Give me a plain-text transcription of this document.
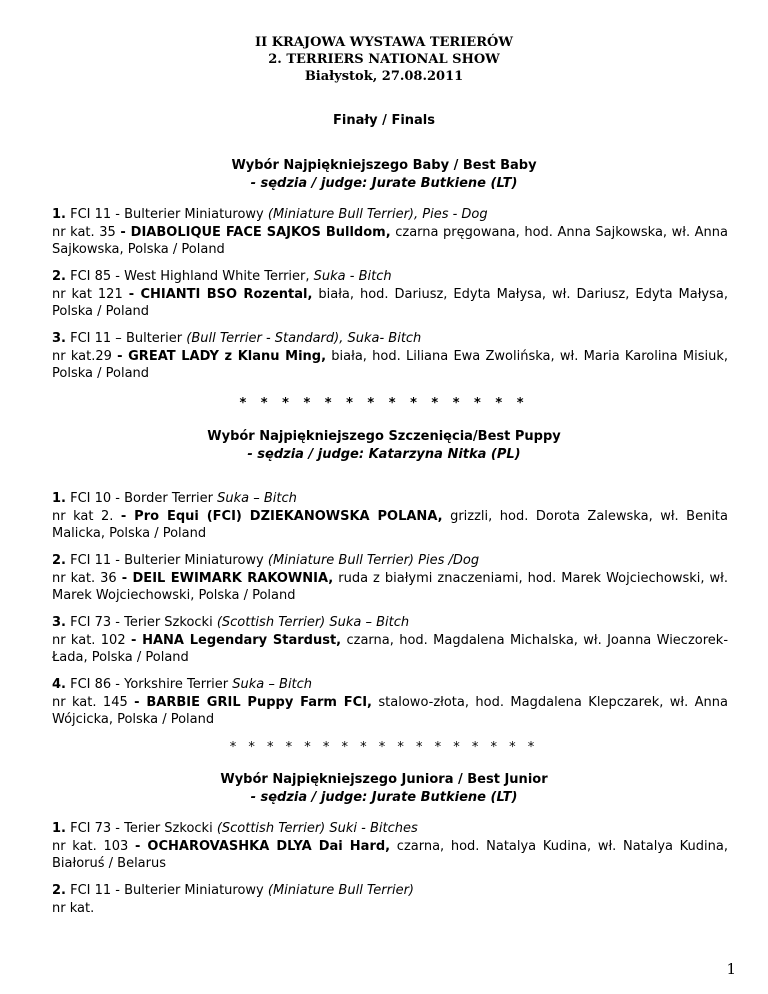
II KRAJOWA WYSTAWA TERIERÓW
2. TERRIERS NATIONAL SHOW
Białystok, 27.08.2011
Finały / Finals
Wybór Najpiękniejszego Baby / Best Baby
- sędzia / judge: Jurate Butkiene (LT)
1. FCI 11 - Bulterier Miniaturowy (Miniature Bull Terrier), Pies - Dog
nr kat. 35 - DIABOLIQUE FACE SAJKOS Bulldom, czarna pręgowana, hod. Anna Sajkowska, wł. Anna Sajkowska, Polska / Poland
2. FCI 85 - West Highland White Terrier, Suka - Bitch
nr kat 121 - CHIANTI BSO Rozental, biała, hod. Dariusz, Edyta Małysa, wł. Dariusz, Edyta Małysa, Polska / Poland
3. FCI 11 – Bulterier (Bull Terrier - Standard), Suka- Bitch
nr kat.29 - GREAT LADY z Klanu Ming, biała, hod. Liliana Ewa Zwolińska, wł. Maria Karolina Misiuk, Polska / Poland
* * * * * * * * * * * * * *
Wybór Najpiękniejszego Szczenięcia/Best Puppy
- sędzia / judge: Katarzyna Nitka (PL)
1. FCI 10 - Border Terrier Suka – Bitch
nr kat 2. - Pro Equi (FCI) DZIEKANOWSKA POLANA, grizzli, hod. Dorota Zalewska, wł. Benita Malicka, Polska / Poland
2. FCI 11 - Bulterier Miniaturowy (Miniature Bull Terrier) Pies /Dog
nr kat. 36 - DEIL EWIMARK RAKOWNIA, ruda z białymi znaczeniami, hod. Marek Wojciechowski, wł. Marek Wojciechowski, Polska / Poland
3. FCI 73 - Terier Szkocki (Scottish Terrier) Suka – Bitch
nr kat. 102 - HANA Legendary Stardust, czarna, hod. Magdalena Michalska, wł. Joanna Wieczorek- Łada, Polska / Poland
4. FCI 86 - Yorkshire Terrier Suka – Bitch
nr kat. 145 - BARBIE GRIL Puppy Farm FCI, stalowo-złota, hod. Magdalena Klepczarek, wł. Anna Wójcicka, Polska / Poland
* * * * * * * * * * * * * * * * *
Wybór Najpiękniejszego Juniora / Best Junior
- sędzia / judge: Jurate Butkiene (LT)
1. FCI 73 - Terier Szkocki (Scottish Terrier) Suki - Bitches
nr kat. 103 - OCHAROVASHKA DLYA Dai Hard, czarna, hod. Natalya Kudina, wł. Natalya Kudina, Białoruś / Belarus
2. FCI 11 - Bulterier Miniaturowy (Miniature Bull Terrier)
nr kat.
1
